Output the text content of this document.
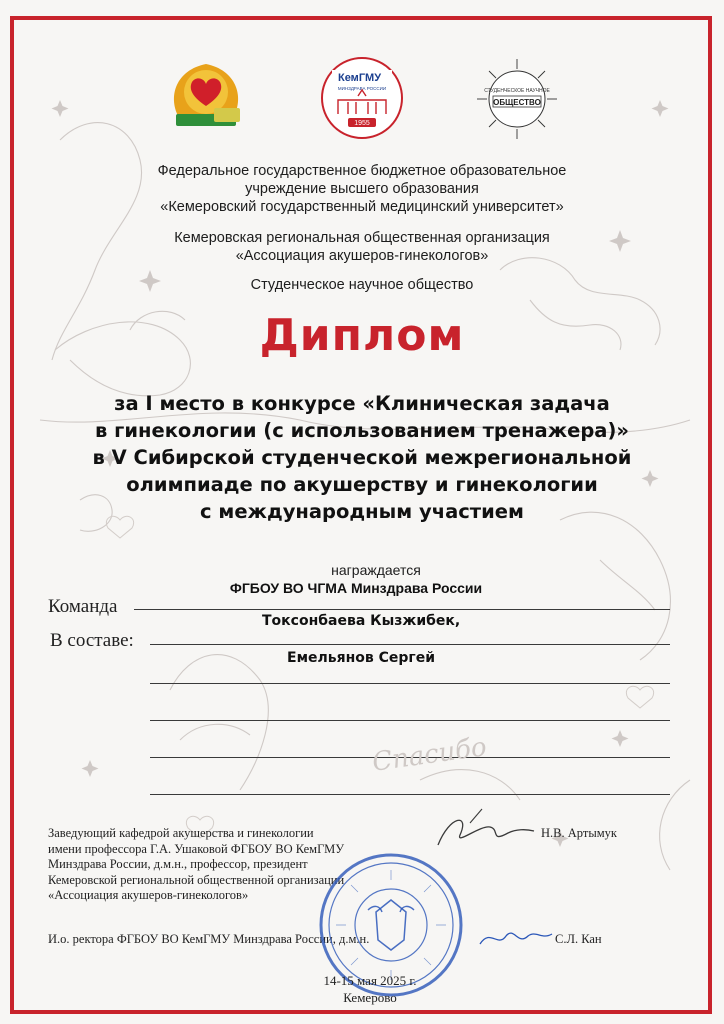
КемГМУ
МИНЗДРАВА РОССИИ
1955
СТУДЕНЧЕСКОЕ НАУЧНОЕ
ОБЩЕСТВО
Федеральное государственное бюджетное образовательное
учреждение высшего образования
«Кемеровский государственный медицинский университет»
Кемеровская региональная общественная организация
«Ассоциация акушеров-гинекологов»
Студенческое научное общество
Диплом
за I место в конкурсе «Клиническая задача
в гинекологии (с использованием тренажера)»
в V Сибирской студенческой межрегиональной
олимпиаде по акушерству и гинекологии
с международным участием
награждается
ФГБОУ ВО ЧГМА Минздрава России
Команда
В составе:
Токсонбаева Кызжибек,
Емельянов Сергей
Спасибо
Заведующий кафедрой акушерства и гинекологии
имени профессора Г.А. Ушаковой ФГБОУ ВО КемГМУ
Минздрава России, д.м.н., профессор, президент
Кемеровской региональной общественной организации
«Ассоциация акушеров-гинекологов»
Н.В. Артымук
И.о. ректора ФГБОУ ВО КемГМУ Минздрава России, д.м.н.	С.Л. Кан
14-15 мая 2025 г.
Кемерово
